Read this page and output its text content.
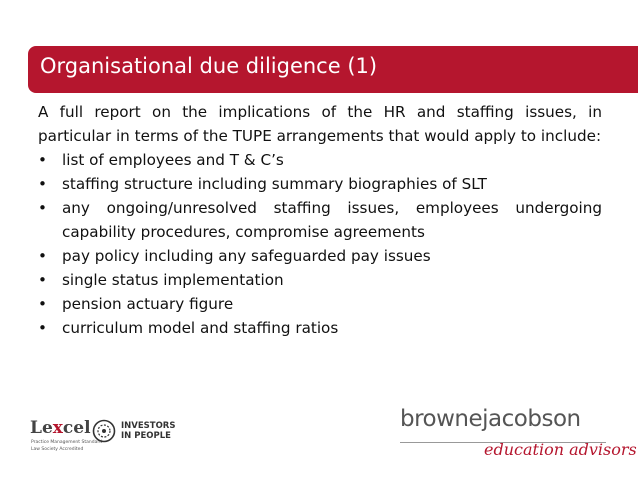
Organisational due diligence (1)

A full report on the implications of the HR and staffing issues, in particular in terms of the TUPE arrangements that would apply to include:

• list of employees and T & C’s
• staffing structure including summary biographies of SLT
• any ongoing/unresolved staffing issues, employees undergoing capability procedures, compromise agreements
• pay policy including any safeguarded pay issues
• single status implementation
• pension actuary figure
• curriculum model and staffing ratios
Lexcel
Practice Management Standard
Law Society Accredited
INVESTORS
IN PEOPLE
brownejacobson
education advisors
